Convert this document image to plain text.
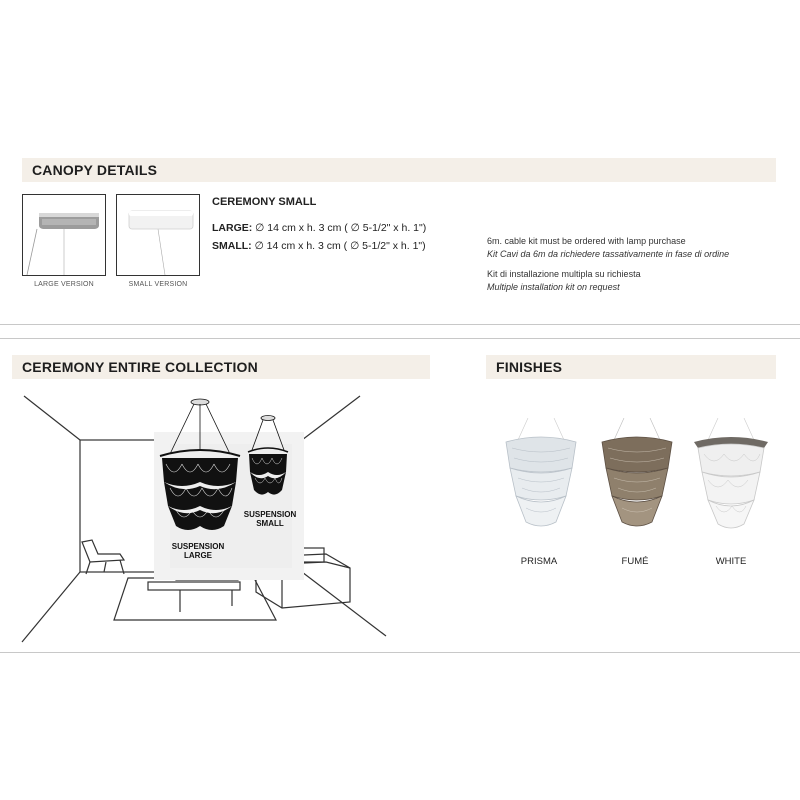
CANOPY DETAILS
LARGE VERSION	SMALL VERSION
CEREMONY SMALL
LARGE: ∅ 14 cm x h. 3 cm ( ∅ 5-1/2" x h. 1")
SMALL: ∅ 14 cm x h. 3 cm ( ∅ 5-1/2" x h. 1")	6m. cable kit must be ordered with lamp purchase
Kit Cavi da 6m da richiedere tassativamente in fase di ordine
Kit di installazione multipla su richiesta
Multiple installation kit on request
CEREMONY ENTIRE COLLECTION
SUSPENSION
SMALL
SUSPENSION
LARGE
FINISHES
PRISMA	FUMÉ	WHITE
